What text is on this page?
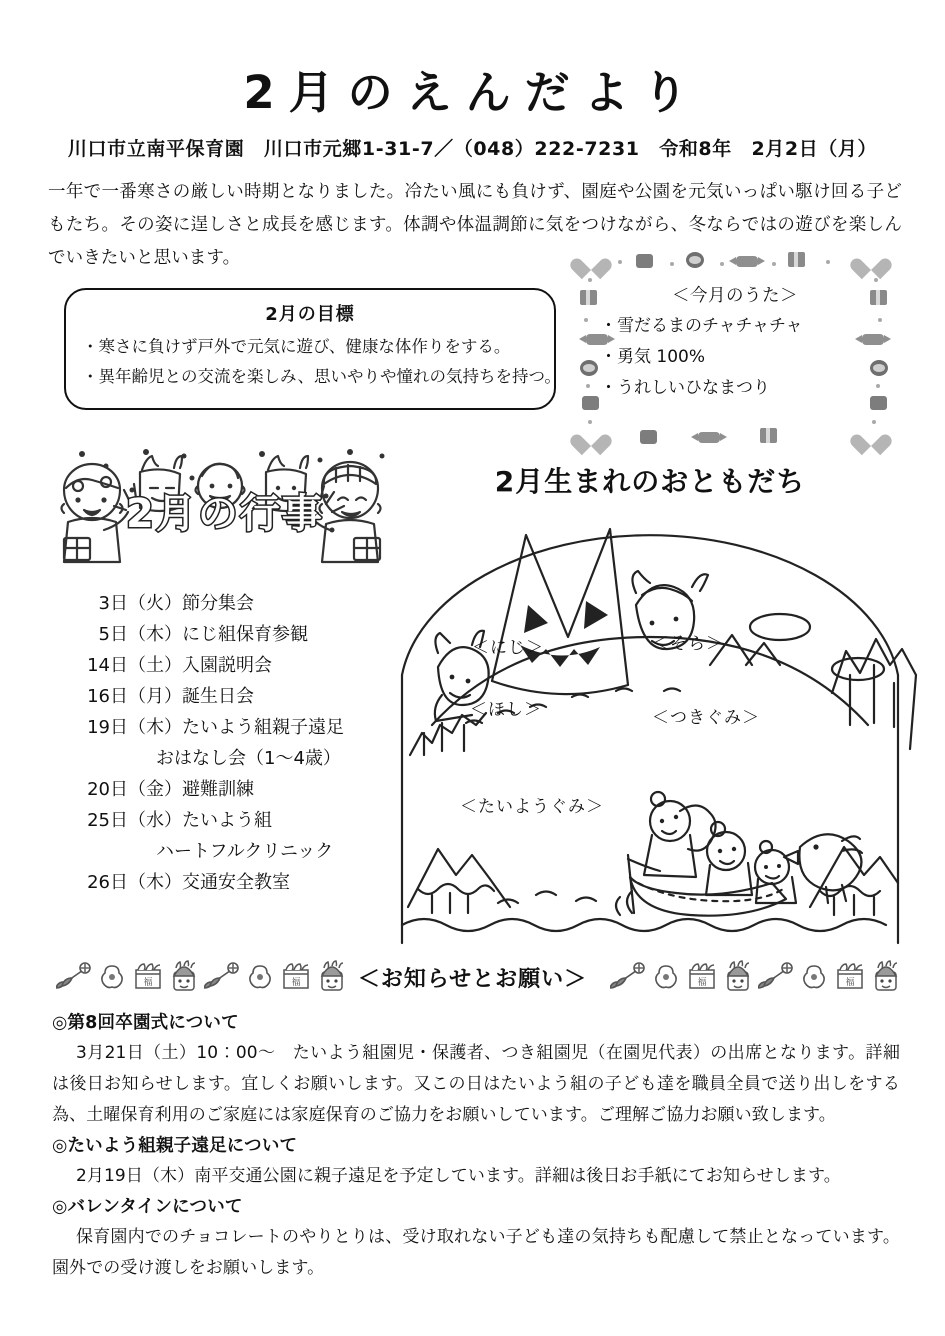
2月のえんだより
川口市立南平保育園　川口市元郷1-31-7／（048）222-7231　令和8年　2月2日（月）
一年で一番寒さの厳しい時期となりました。冷たい風にも負けず、園庭や公園を元気いっぱい駆け回る子どもたち。その姿に逞しさと成長を感じます。体調や体温調節に気をつけながら、冬ならではの遊びを楽しんでいきたいと思います。
2月の目標
・寒さに負けず戸外で元気に遊び、健康な体作りをする。
・異年齢児との交流を楽しみ、思いやりや憧れの気持ちを持つ。
＜今月のうた＞
・雪だるまのチャチャチャ
・勇気 100%
・うれしいひなまつり
2月の行事
3日（火）節分集会
5日（木）にじ組保育参観
14日（土）入園説明会
16日（月）誕生日会
19日（木）たいよう組親子遠足
おはなし会（1～4歳）
20日（金）避難訓練
25日（水）たいよう組
ハートフルクリニック
26日（木）交通安全教室
2月生まれのおともだち
＜にじ＞	＜そら＞
＜ほし＞	＜つきぐみ＞
＜たいようぐみ＞
福	福	＜お知らせとお願い＞	福	福
◎第8回卒園式について
3月21日（土）10：00～　たいよう組園児・保護者、つき組園児（在園児代表）の出席となります。詳細は後日お知らせします。宜しくお願いします。又この日はたいよう組の子ども達を職員全員で送り出しをする為、土曜保育利用のご家庭には家庭保育のご協力をお願いしています。ご理解ご協力お願い致します。
◎たいよう組親子遠足について
2月19日（木）南平交通公園に親子遠足を予定しています。詳細は後日お手紙にてお知らせします。
◎バレンタインについて
保育園内でのチョコレートのやりとりは、受け取れない子ども達の気持ちも配慮して禁止となっています。園外での受け渡しをお願いします。
